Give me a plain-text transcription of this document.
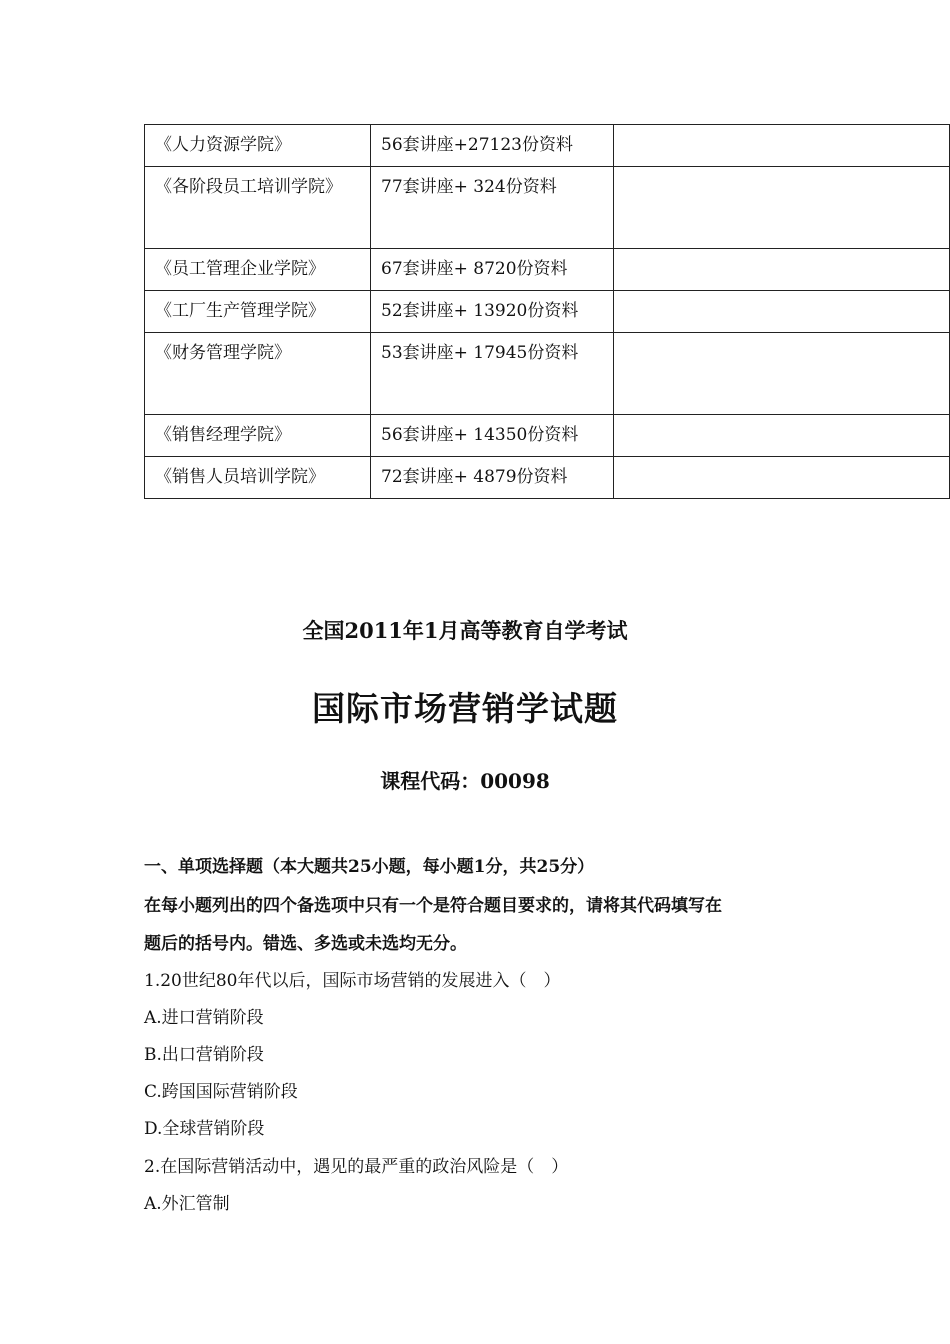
《人力资源学院》	56套讲座+27123份资料	
《各阶段员工培训学院》	77套讲座+ 324份资料	
《员工管理企业学院》	67套讲座+ 8720份资料	
《工厂生产管理学院》	52套讲座+ 13920份资料	
《财务管理学院》	53套讲座+ 17945份资料	
《销售经理学院》	56套讲座+ 14350份资料	
《销售人员培训学院》	72套讲座+ 4879份资料	
全国2011年1月高等教育自学考试
国际市场营销学试题
课程代码：00098
一、单项选择题（本大题共25小题，每小题1分，共25分）
在每小题列出的四个备选项中只有一个是符合题目要求的，请将其代码填写在
题后的括号内。错选、多选或未选均无分。
1.20世纪80年代以后，国际市场营销的发展进入（　）
A.进口营销阶段
B.出口营销阶段
C.跨国国际营销阶段
D.全球营销阶段
2.在国际营销活动中，遇见的最严重的政治风险是（　）
A.外汇管制
